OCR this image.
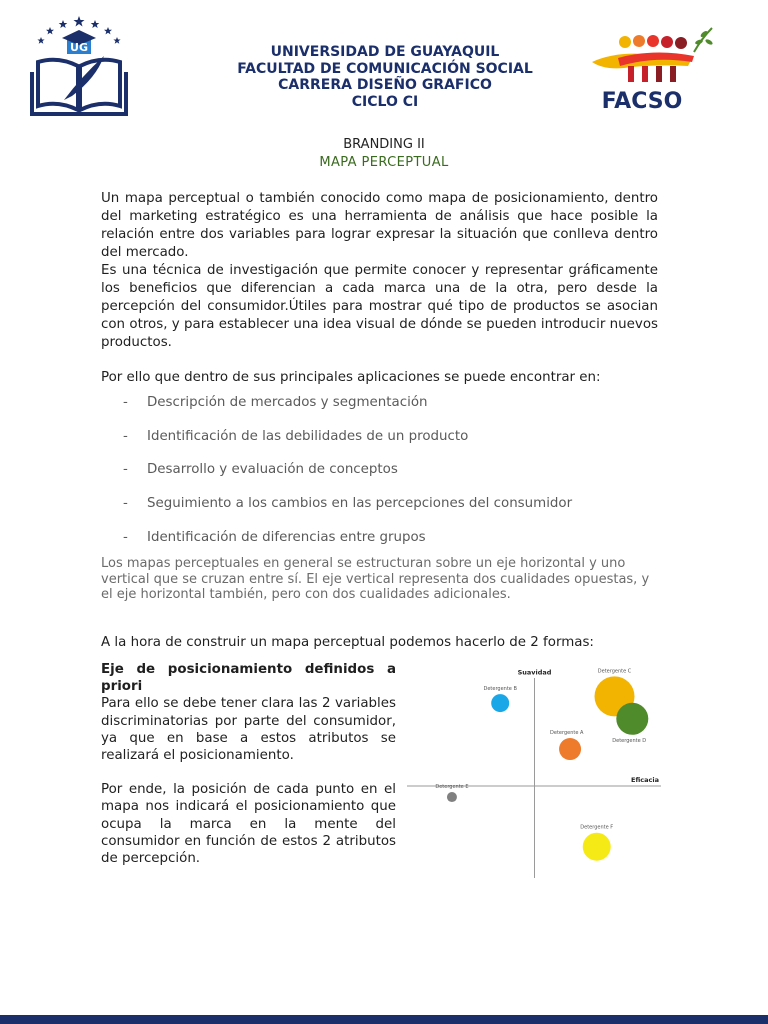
UG	UNIVERSIDAD DE GUAYAQUIL
FACULTAD DE COMUNICACIÓN SOCIAL
CARRERA DISEÑO GRAFICO
CICLO CI	FACSO
BRANDING II
MAPA PERCEPTUAL
Un mapa perceptual o también conocido como mapa de posicionamiento, dentro del marketing estratégico es una herramienta de análisis que hace posible la relación entre dos variables para lograr expresar la situación que conlleva dentro del mercado.
Es una técnica de investigación que permite conocer y representar gráficamente los beneficios que diferencian a cada marca una de la otra, pero desde la percepción del consumidor.Útiles para mostrar qué tipo de productos se asocian con otros, y para establecer una idea visual de dónde se pueden introducir nuevos productos.
Por ello que dentro de sus principales aplicaciones se puede encontrar en:
-	Descripción de mercados y segmentación
-	Identificación de las debilidades de un producto
-	Desarrollo y evaluación de conceptos
-	Seguimiento a los cambios en las percepciones del consumidor
-	Identificación de diferencias entre grupos
Los mapas perceptuales en general se estructuran sobre un eje horizontal y uno vertical que se cruzan entre sí. El eje vertical representa dos cualidades opuestas, y el eje horizontal también, pero con dos cualidades adicionales.
A la hora de construir un mapa perceptual podemos hacerlo de 2 formas:
Eje de posicionamiento definidos a priori
Para ello se debe tener clara las 2 variables discriminatorias por parte del consumidor, ya que en base a estos atributos se realizará el posicionamiento.
Por ende, la posición de cada punto en el mapa nos indicará el posicionamiento que ocupa la marca en la mente del consumidor en función de estos 2 atributos de percepción.
Suavidad
Eficacia
Detergente B
Detergente C
Detergente D
Detergente A
Detergente E
Detergente F
